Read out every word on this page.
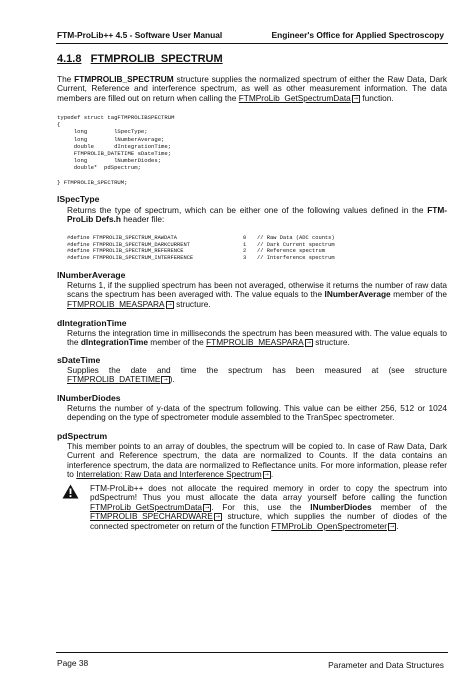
FTM-ProLib++ 4.5 - Software User Manual	Engineer's Office for Applied Spectroscopy
4.1.8 FTMPROLIB_SPECTRUM

The FTMPROLIB_SPECTRUM structure supplies the normalized spectrum of either the Raw Data, Dark Current, Reference and interference spectrum, as well as other measurement information. The data members are filled out on return when calling the FTMProLib_GetSpectrumData → function.

typedef struct tagFTMPROLIBSPECTRUM
{
long        lSpecType;
long        lNumberAverage;
double      dIntegrationTime;
FTMPROLIB_DATETIME sDateTime;
long        lNumberDiodes;
double*  pdSpectrum;

} FTMPROLIB_SPECTRUM;
lSpecType

Returns the type of spectrum, which can be either one of the following values defined in the FTM-ProLib Defs.h header file:

#define FTMPROLIB_SPECTRUM_RAWDATA	0	// Raw Data (ADC counts)
#define FTMPROLIB_SPECTRUM_DARKCURRENT	1	// Dark Current spectrum
#define FTMPROLIB_SPECTRUM_REFERENCE	2	// Reference spectrum
#define FTMPROLIB_SPECTRUM_INTERFERENCE	3	// Interference spectrum
lNumberAverage

Returns 1, if the supplied spectrum has been not averaged, otherwise it returns the number of raw data scans the spectrum has been averaged with. The value equals to the lNumberAverage member of the FTMPROLIB_MEASPARA → structure.

dIntegrationTime

Returns the integration time in milliseconds the spectrum has been measured with. The value equals to the dIntegrationTime member of the FTMPROLIB_MEASPARA → structure.

sDateTime

Supplies the date and time the spectrum has been measured at (see structure FTMPROLIB_DATETIME → ).

lNumberDiodes

Returns the number of y-data of the spectrum following. This value can be either 256, 512 or 1024 depending on the type of spectrometer module assembled to the TranSpec spectrometer.

pdSpectrum

This member points to an array of doubles, the spectrum will be copied to. In case of Raw Data, Dark Current and Reference spectrum, the data are normalized to Counts. If the data contains an interference spectrum, the data are normalized to Reflectance units. For more information, please refer to Interrelation: Raw Data and Interference Spectrum → .

FTM-ProLib++ does not allocate the required memory in order to copy the spectrum into pdSpectrum! Thus you must allocate the data array yourself before calling the function FTMProLib_GetSpectrumData → . For this, use the lNumberDiodes member of the FTMPROLIB_SPECHARDWARE → structure, which supplies the number of diodes of the connected spectrometer on return of the function FTMProLib_OpenSpectrometer → .

Page 38	Parameter and Data Structures
